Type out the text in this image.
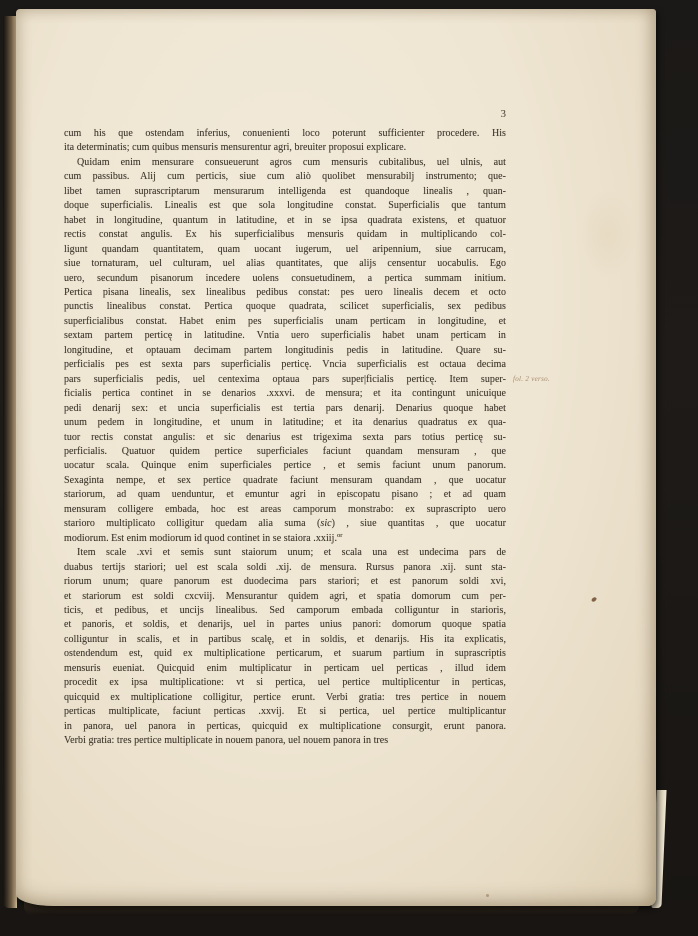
3
cum his que ostendam inferius, conuenienti loco poterunt sufficienter procedere. His
ita determinatis; cum quibus mensuris mensurentur agri, breuiter proposui explicare.
Quidam enim mensurare consueuerunt agros cum mensuris cubitalibus, uel ulnis, aut
cum passibus. Alij cum perticis, siue cum aliò quolibet mensurabilj instrumento; que-
libet tamen suprascriptarum mensurarum intelligenda est quandoque linealis , quan-
doque superficialis. Linealis est que sola longitudine constat. Superficialis que tantum
habet in longitudine, quantum in latitudine, et in se ipsa quadrata existens, et quatuor
rectis constat angulis. Ex his superficialibus mensuris quidam in multiplicando col-
ligunt quandam quantitatem, quam uocant iugerum, uel aripennium, siue carrucam,
siue tornaturam, uel culturam, uel alias quantitates, que alijs censentur uocabulis. Ego
uero, secundum pisanorum incedere uolens consuetudinem, a pertica summam initium.
Pertica pisana linealis, sex linealibus pedibus constat: pes uero linealis decem et octo
punctis linealibus constat. Pertica quoque quadrata, scilicet superficialis, sex pedibus
superficialibus constat. Habet enim pes superficialis unam perticam in longitudine, et
sextam partem perticę in latitudine. Vntia uero superficialis habet unam perticam in
longitudine, et optauam decimam partem longitudinis pedis in latitudine. Quare su-
perficialis pes est sexta pars superficialis perticę. Vncia superficialis est octaua decima
pars superficialis pedis, uel centexima optaua pars super|ficialis perticę. Item super-
ficialis pertica continet in se denarios .xxxvi. de mensura; et ita contingunt unicuique
pedi denarij sex: et uncia superficialis est tertia pars denarij. Denarius quoque habet
unum pedem in longitudine, et unum in latitudine; et ita denarius quadratus ex qua-
tuor rectis constat angulis: et sic denarius est trigexima sexta pars totius perticę su-
perficialis. Quatuor quidem pertice superficiales faciunt quandam mensuram , que
uocatur scala. Quinque enim superficiales pertice , et semis faciunt unum panorum.
Sexaginta nempe, et sex pertice quadrate faciunt mensuram quandam , que uocatur
stariorum, ad quam uenduntur, et emuntur agri in episcopatu pisano ; et ad quam
mensuram colligere embada, hoc est areas camporum monstrabo: ex suprascripto uero
starioro multiplicato colligitur quedam alia suma (sic) , siue quantitas , que uocatur
modiorum. Est enim modiorum id quod continet in se staiora .xxiij.$^{or}$
Item scale .xvi et semis sunt staiorum unum; et scala una est undecima pars de
duabus tertijs stariori; uel est scala soldi .xij. de mensura. Rursus panora .xij. sunt sta-
riorum unum; quare panorum est duodecima pars stariori; et est panorum soldi xvi,
et stariorum est soldi cxcviij. Mensurantur quidem agri, et spatia domorum cum per-
ticis, et pedibus, et uncijs linealibus. Sed camporum embada colliguntur in starioris,
et panoris, et soldis, et denarijs, uel in partes unius panori: domorum quoque spatia
colliguntur in scalis, et in partibus scalę, et in soldis, et denarijs. His ita explicatis,
ostendendum est, quid ex multiplicatione perticarum, et suarum partium in suprascriptis
mensuris eueniat. Quicquid enim multiplicatur in perticam uel perticas , illud idem
procedit ex ipsa multiplicatione: vt si pertica, uel pertice multiplicentur in perticas,
quicquid ex multiplicatione colligitur, pertice erunt. Verbi gratia: tres pertice in nouem
perticas multiplicate, faciunt perticas .xxvij. Et si pertica, uel pertice multiplicantur
in panora, uel panora in perticas, quicquid ex multiplicatione consurgit, erunt panora.
Verbi gratia: tres pertice multiplicate in nouem panora, uel nouem panora in tres
fol. 2 verso.
